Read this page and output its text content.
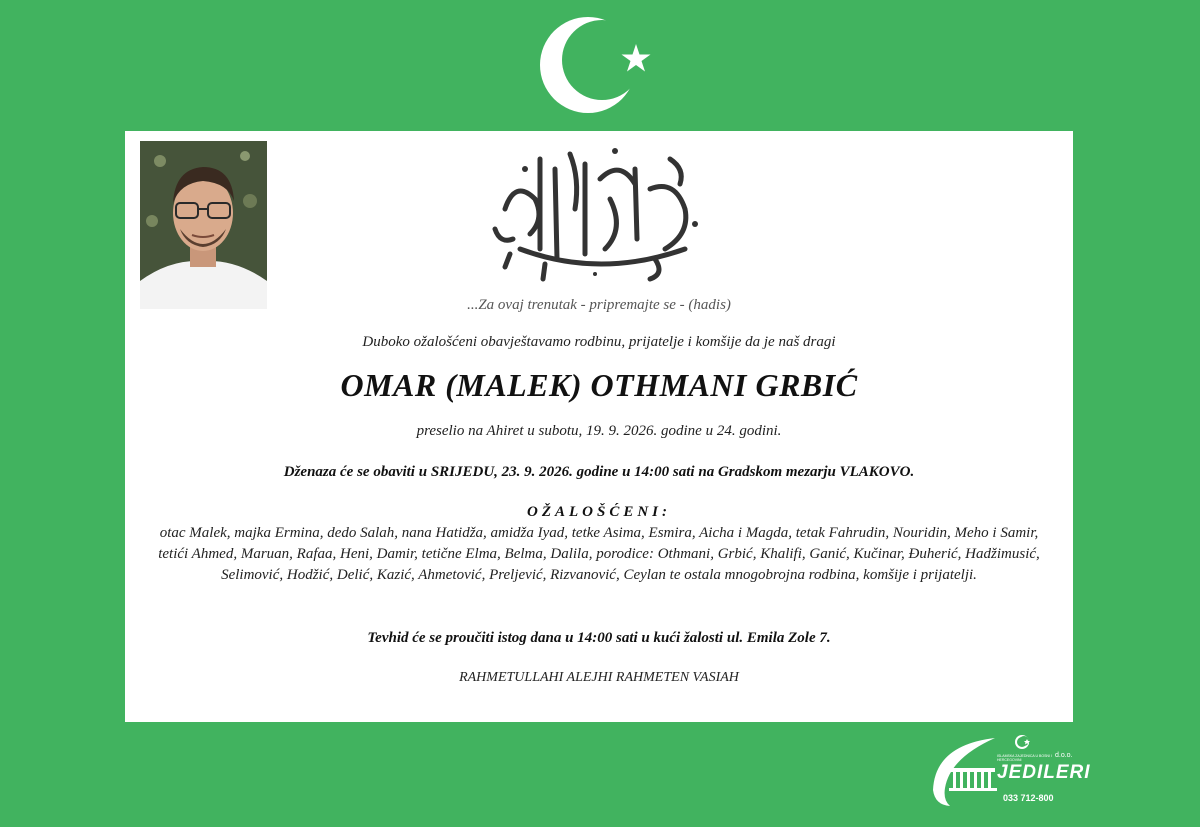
...Za ovaj trenutak - pripremajte se - (hadis)
Duboko ožalošćeni obavještavamo rodbinu, prijatelje i komšije da je naš dragi
OMAR (MALEK) OTHMANI GRBIĆ
preselio na Ahiret u subotu, 19. 9. 2026. godine u 24. godini.
Dženaza će se obaviti u SRIJEDU, 23. 9. 2026. godine u 14:00 sati na Gradskom mezarju VLAKOVO.
OŽALOŠĆENI:
otac Malek, majka Ermina, dedo Salah, nana Hatidža, amidža Iyad, tetke Asima, Esmira, Aicha i Magda, tetak Fahrudin, Nouridin, Meho i Samir, tetići Ahmed, Maruan, Rafaa, Heni, Damir, tetične Elma, Belma, Dalila, porodice: Othmani, Grbić, Khalifi, Ganić, Kučinar, Đuherić, Hadžimusić, Selimović, Hodžić, Delić, Kazić, Ahmetović, Preljević, Rizvanović, Ceylan te ostala mnogobrojna rodbina, komšije i prijatelji.
Tevhid će se proučiti istog dana u 14:00 sati u kući žalosti ul. Emila Zole 7.
RAHMETULLAHI ALEJHI RAHMETEN VASIAH
ISLAMSKA ZAJEDNICA U BOSNI I HERCEGOVINI
d.o.o.
JEDILERI
033 712-800
